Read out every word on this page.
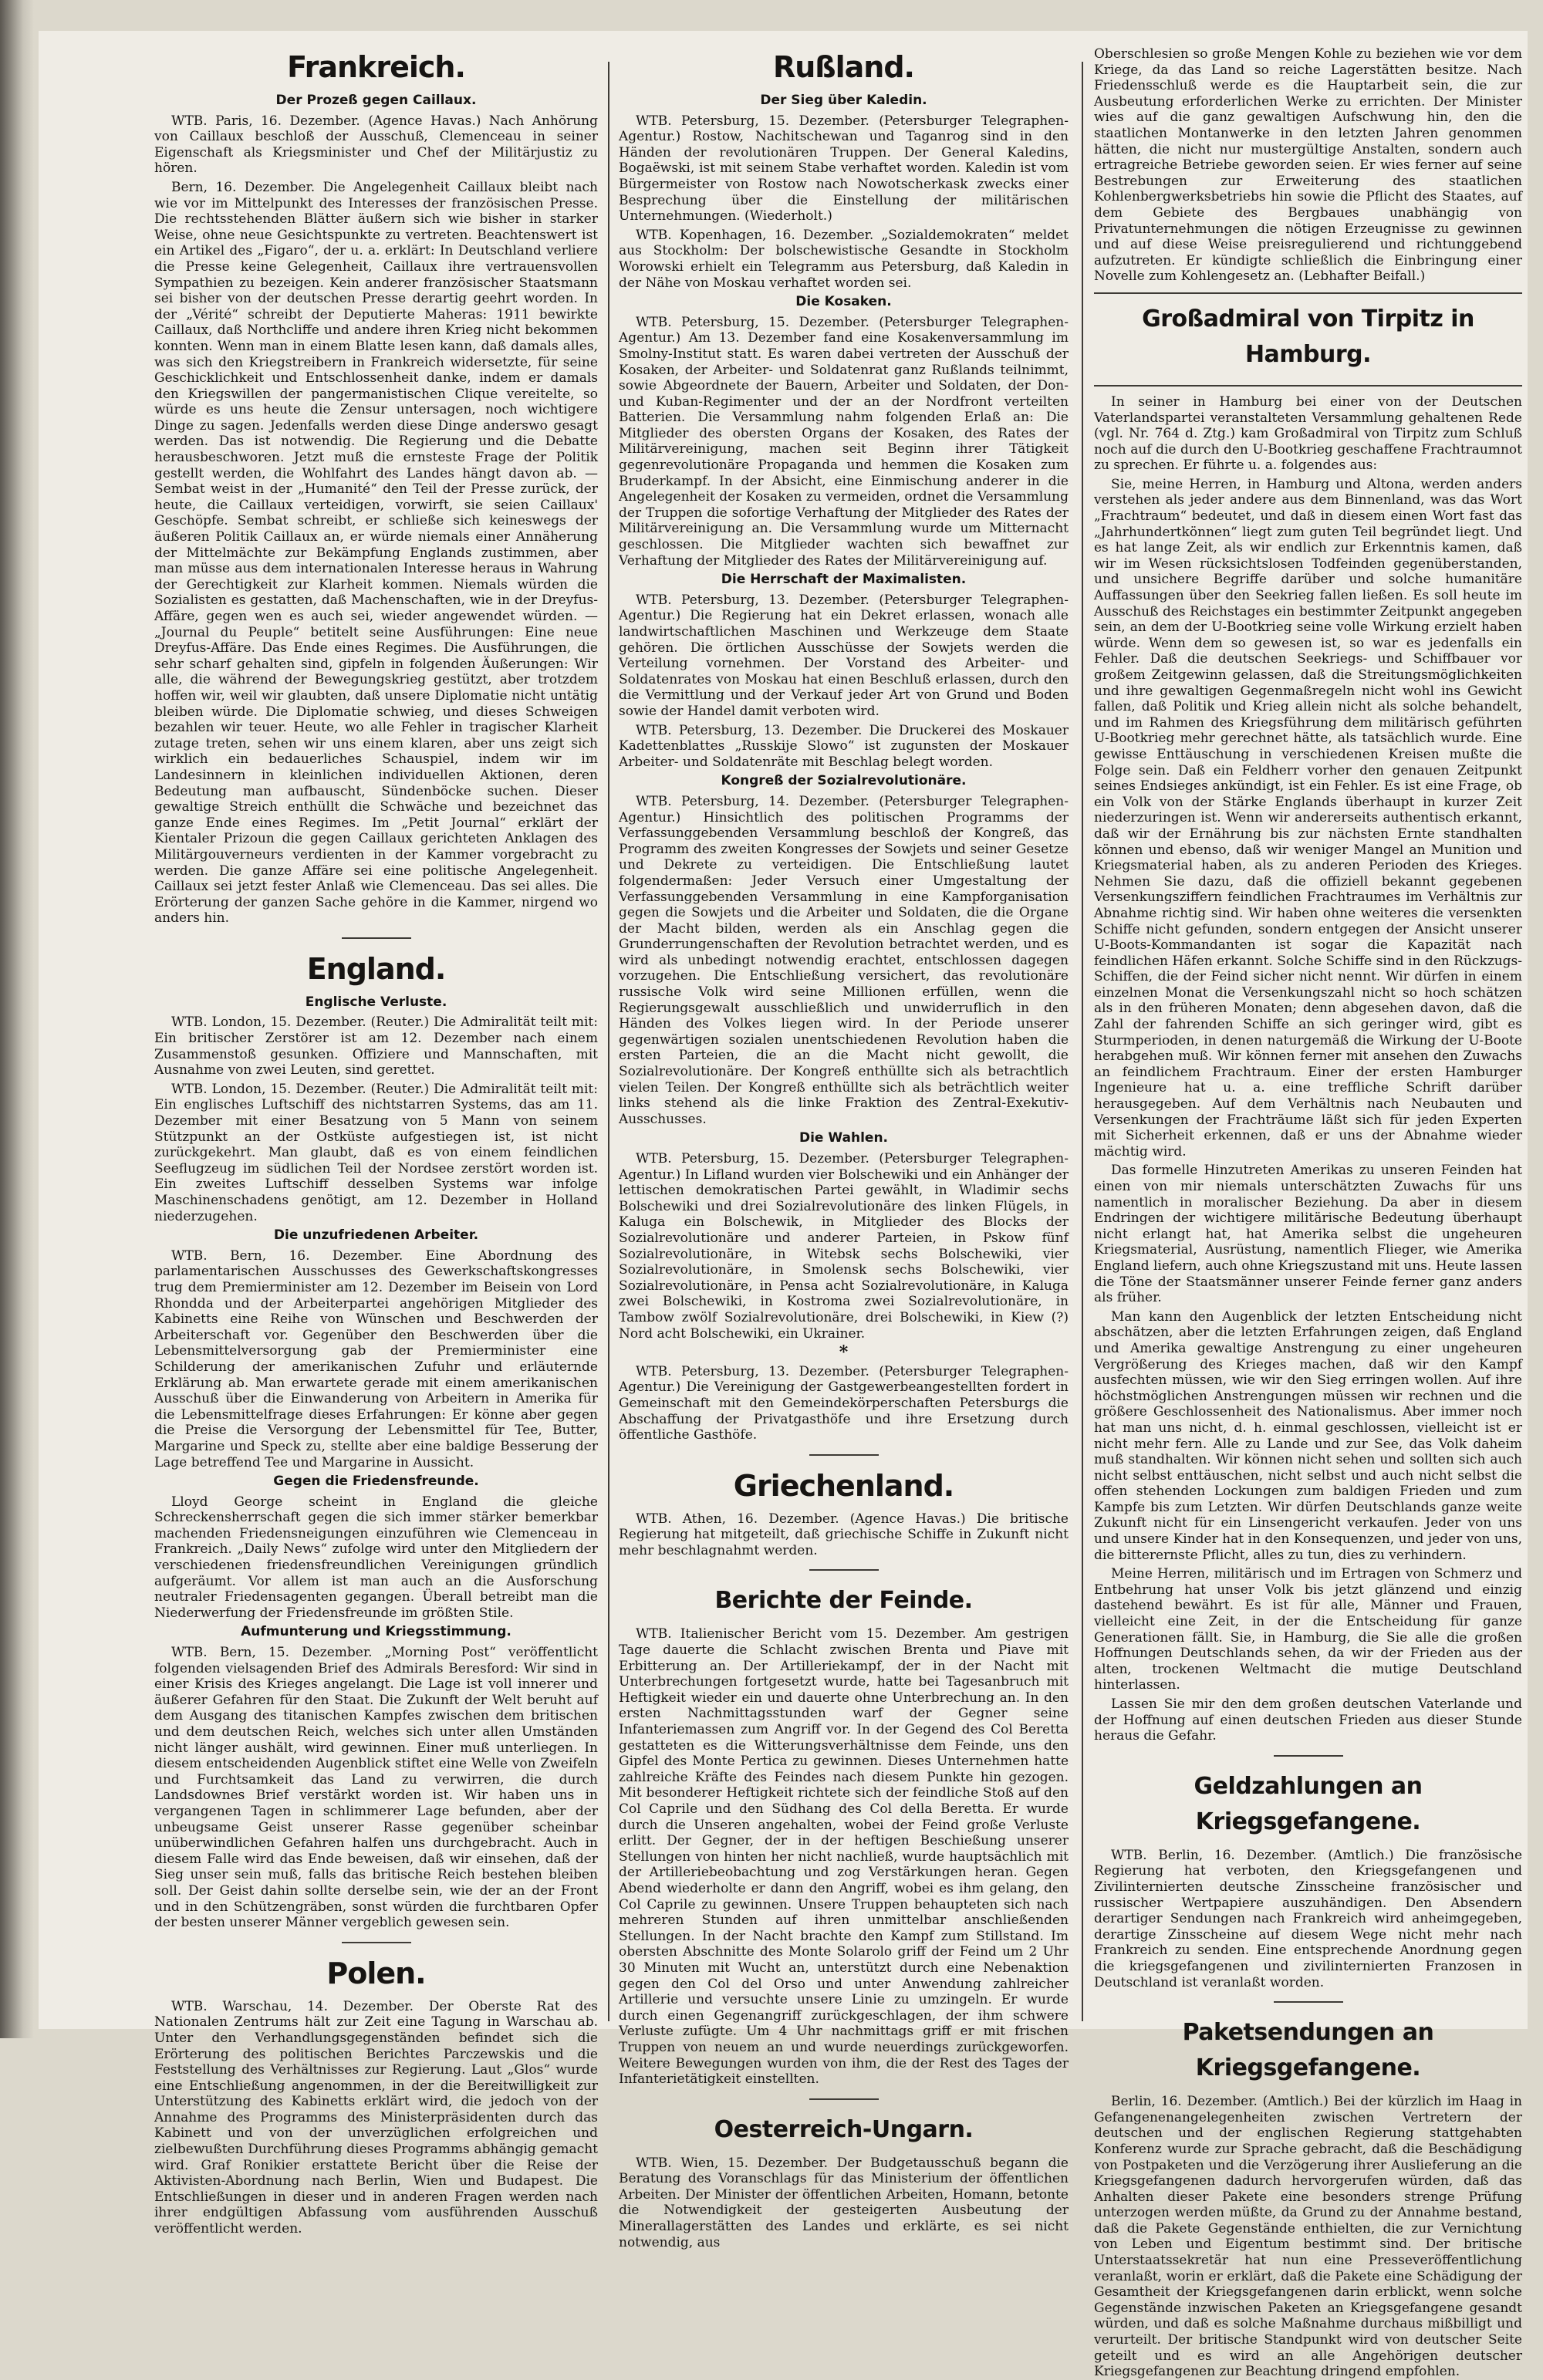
Frankreich.
Der Prozeß gegen Caillaux.

WTB. Paris, 16. Dezember. (Agence Havas.) Nach Anhörung von Caillaux beschloß der Ausschuß, Clemenceau in seiner Eigenschaft als Kriegsminister und Chef der Militärjustiz zu hören.

Bern, 16. Dezember. Die Angelegenheit Caillaux bleibt nach wie vor im Mittelpunkt des Interesses der französischen Presse. Die rechtsstehenden Blätter äußern sich wie bisher in starker Weise, ohne neue Gesichtspunkte zu vertreten. Beachtenswert ist ein Artikel des „Figaro“, der u. a. erklärt: In Deutschland verliere die Presse keine Gelegenheit, Caillaux ihre vertrauensvollen Sympathien zu bezeigen. Kein anderer französischer Staatsmann sei bisher von der deutschen Presse derartig geehrt worden. In der „Vérité“ schreibt der Deputierte Maheras: 1911 bewirkte Caillaux, daß Northcliffe und andere ihren Krieg nicht bekommen konnten. Wenn man in einem Blatte lesen kann, daß damals alles, was sich den Kriegstreibern in Frankreich widersetzte, für seine Geschicklichkeit und Entschlossenheit danke, indem er damals den Kriegswillen der pangermanistischen Clique vereitelte, so würde es uns heute die Zensur untersagen, noch wichtigere Dinge zu sagen. Jedenfalls werden diese Dinge anderswo gesagt werden. Das ist notwendig. Die Regierung und die Debatte herausbeschworen. Jetzt muß die ernsteste Frage der Politik gestellt werden, die Wohlfahrt des Landes hängt davon ab. — Sembat weist in der „Humanité“ den Teil der Presse zurück, der heute, die Caillaux verteidigen, vorwirft, sie seien Caillaux' Geschöpfe. Sembat schreibt, er schließe sich keineswegs der äußeren Politik Caillaux an, er würde niemals einer Annäherung der Mittelmächte zur Bekämpfung Englands zustimmen, aber man müsse aus dem internationalen Interesse heraus in Wahrung der Gerechtigkeit zur Klarheit kommen. Niemals würden die Sozialisten es gestatten, daß Machenschaften, wie in der Dreyfus-Affäre, gegen wen es auch sei, wieder angewendet würden. — „Journal du Peuple“ betitelt seine Ausführungen: Eine neue Dreyfus-Affäre. Das Ende eines Regimes. Die Ausführungen, die sehr scharf gehalten sind, gipfeln in folgenden Äußerungen: Wir alle, die während der Bewegungskrieg gestützt, aber trotzdem hoffen wir, weil wir glaubten, daß unsere Diplomatie nicht untätig bleiben würde. Die Diplomatie schwieg, und dieses Schweigen bezahlen wir teuer. Heute, wo alle Fehler in tragischer Klarheit zutage treten, sehen wir uns einem klaren, aber uns zeigt sich wirklich ein bedauerliches Schauspiel, indem wir im Landesinnern in kleinlichen individuellen Aktionen, deren Bedeutung man aufbauscht, Sündenböcke suchen. Dieser gewaltige Streich enthüllt die Schwäche und bezeichnet das ganze Ende eines Regimes. Im „Petit Journal“ erklärt der Kientaler Prizoun die gegen Caillaux gerichteten Anklagen des Militärgouverneurs verdienten in der Kammer vorgebracht zu werden. Die ganze Affäre sei eine politische Angelegenheit. Caillaux sei jetzt fester Anlaß wie Clemenceau. Das sei alles. Die Erörterung der ganzen Sache gehöre in die Kammer, nirgend wo anders hin.

England.
Englische Verluste.

WTB. London, 15. Dezember. (Reuter.) Die Admiralität teilt mit: Ein britischer Zerstörer ist am 12. Dezember nach einem Zusammenstoß gesunken. Offiziere und Mannschaften, mit Ausnahme von zwei Leuten, sind gerettet.

WTB. London, 15. Dezember. (Reuter.) Die Admiralität teilt mit: Ein englisches Luftschiff des nichtstarren Systems, das am 11. Dezember mit einer Besatzung von 5 Mann von seinem Stützpunkt an der Ostküste aufgestiegen ist, ist nicht zurückgekehrt. Man glaubt, daß es von einem feindlichen Seeflugzeug im südlichen Teil der Nordsee zerstört worden ist. Ein zweites Luftschiff desselben Systems war infolge Maschinenschadens genötigt, am 12. Dezember in Holland niederzugehen.

Die unzufriedenen Arbeiter.

WTB. Bern, 16. Dezember. Eine Abordnung des parlamentarischen Ausschusses des Gewerkschaftskongresses trug dem Premierminister am 12. Dezember im Beisein von Lord Rhondda und der Arbeiterpartei angehörigen Mitglieder des Kabinetts eine Reihe von Wünschen und Beschwerden der Arbeiterschaft vor. Gegenüber den Beschwerden über die Lebensmittelversorgung gab der Premierminister eine Schilderung der amerikanischen Zufuhr und erläuternde Erklärung ab. Man erwartete gerade mit einem amerikanischen Ausschuß über die Einwanderung von Arbeitern in Amerika für die Lebensmittelfrage dieses Erfahrungen: Er könne aber gegen die Preise die Versorgung der Lebensmittel für Tee, Butter, Margarine und Speck zu, stellte aber eine baldige Besserung der Lage betreffend Tee und Margarine in Aussicht.

Gegen die Friedensfreunde.

Lloyd George scheint in England die gleiche Schreckensherrschaft gegen die sich immer stärker bemerkbar machenden Friedensneigungen einzuführen wie Clemenceau in Frankreich. „Daily News“ zufolge wird unter den Mitgliedern der verschiedenen friedensfreundlichen Vereinigungen gründlich aufgeräumt. Vor allem ist man auch an die Ausforschung neutraler Friedensagenten gegangen. Überall betreibt man die Niederwerfung der Friedensfreunde im größten Stile.

Aufmunterung und Kriegsstimmung.

WTB. Bern, 15. Dezember. „Morning Post“ veröffentlicht folgenden vielsagenden Brief des Admirals Beresford: Wir sind in einer Krisis des Krieges angelangt. Die Lage ist voll innerer und äußerer Gefahren für den Staat. Die Zukunft der Welt beruht auf dem Ausgang des titanischen Kampfes zwischen dem britischen und dem deutschen Reich, welches sich unter allen Umständen nicht länger aushält, wird gewinnen. Einer muß unterliegen. In diesem entscheidenden Augenblick stiftet eine Welle von Zweifeln und Furchtsamkeit das Land zu verwirren, die durch Landsdownes Brief verstärkt worden ist. Wir haben uns in vergangenen Tagen in schlimmerer Lage befunden, aber der unbeugsame Geist unserer Rasse gegenüber scheinbar unüberwindlichen Gefahren halfen uns durchgebracht. Auch in diesem Falle wird das Ende beweisen, daß wir einsehen, daß der Sieg unser sein muß, falls das britische Reich bestehen bleiben soll. Der Geist dahin sollte derselbe sein, wie der an der Front und in den Schützengräben, sonst würden die furchtbaren Opfer der besten unserer Männer vergeblich gewesen sein.

Polen.

WTB. Warschau, 14. Dezember. Der Oberste Rat des Nationalen Zentrums hält zur Zeit eine Tagung in Warschau ab. Unter den Verhandlungsgegenständen befindet sich die Erörterung des politischen Berichtes Parczewskis und die Feststellung des Verhältnisses zur Regierung. Laut „Glos“ wurde eine Entschließung angenommen, in der die Bereitwilligkeit zur Unterstützung des Kabinetts erklärt wird, die jedoch von der Annahme des Programms des Ministerpräsidenten durch das Kabinett und von der unverzüglichen erfolgreichen und zielbewußten Durchführung dieses Programms abhängig gemacht wird. Graf Ronikier erstattete Bericht über die Reise der Aktivisten-Abordnung nach Berlin, Wien und Budapest. Die Entschließungen in dieser und in anderen Fragen werden nach ihrer endgültigen Abfassung vom ausführenden Ausschuß veröffentlicht werden.

Rußland.
Der Sieg über Kaledin.

WTB. Petersburg, 15. Dezember. (Petersburger Telegraphen-Agentur.) Rostow, Nachitschewan und Taganrog sind in den Händen der revolutionären Truppen. Der General Kaledins, Bogaëwski, ist mit seinem Stabe verhaftet worden. Kaledin ist vom Bürgermeister von Rostow nach Nowotscherkask zwecks einer Besprechung über die Einstellung der militärischen Unternehmungen. (Wiederholt.)

WTB. Kopenhagen, 16. Dezember. „Sozialdemokraten“ meldet aus Stockholm: Der bolschewistische Gesandte in Stockholm Worowski erhielt ein Telegramm aus Petersburg, daß Kaledin in der Nähe von Moskau verhaftet worden sei.

Die Kosaken.

WTB. Petersburg, 15. Dezember. (Petersburger Telegraphen-Agentur.) Am 13. Dezember fand eine Kosakenversammlung im Smolny-Institut statt. Es waren dabei vertreten der Ausschuß der Kosaken, der Arbeiter- und Soldatenrat ganz Rußlands teilnimmt, sowie Abgeordnete der Bauern, Arbeiter und Soldaten, der Don- und Kuban-Regimenter und der an der Nordfront verteilten Batterien. Die Versammlung nahm folgenden Erlaß an: Die Mitglieder des obersten Organs der Kosaken, des Rates der Militärvereinigung, machen seit Beginn ihrer Tätigkeit gegenrevolutionäre Propaganda und hemmen die Kosaken zum Bruderkampf. In der Absicht, eine Einmischung anderer in die Angelegenheit der Kosaken zu vermeiden, ordnet die Versammlung der Truppen die sofortige Verhaftung der Mitglieder des Rates der Militärvereinigung an. Die Versammlung wurde um Mitternacht geschlossen. Die Mitglieder wachten sich bewaffnet zur Verhaftung der Mitglieder des Rates der Militärvereinigung auf.

Die Herrschaft der Maximalisten.

WTB. Petersburg, 13. Dezember. (Petersburger Telegraphen-Agentur.) Die Regierung hat ein Dekret erlassen, wonach alle landwirtschaftlichen Maschinen und Werkzeuge dem Staate gehören. Die örtlichen Ausschüsse der Sowjets werden die Verteilung vornehmen. Der Vorstand des Arbeiter- und Soldatenrates von Moskau hat einen Beschluß erlassen, durch den die Vermittlung und der Verkauf jeder Art von Grund und Boden sowie der Handel damit verboten wird.

WTB. Petersburg, 13. Dezember. Die Druckerei des Moskauer Kadettenblattes „Russkije Slowo“ ist zugunsten der Moskauer Arbeiter- und Soldatenräte mit Beschlag belegt worden.

Kongreß der Sozialrevolutionäre.

WTB. Petersburg, 14. Dezember. (Petersburger Telegraphen-Agentur.) Hinsichtlich des politischen Programms der Verfassunggebenden Versammlung beschloß der Kongreß, das Programm des zweiten Kongresses der Sowjets und seiner Gesetze und Dekrete zu verteidigen. Die Entschließung lautet folgendermaßen: Jeder Versuch einer Umgestaltung der Verfassunggebenden Versammlung in eine Kampforganisation gegen die Sowjets und die Arbeiter und Soldaten, die die Organe der Macht bilden, werden als ein Anschlag gegen die Grunderrungenschaften der Revolution betrachtet werden, und es wird als unbedingt notwendig erachtet, entschlossen dagegen vorzugehen. Die Entschließung versichert, das revolutionäre russische Volk wird seine Millionen erfüllen, wenn die Regierungsgewalt ausschließlich und unwiderruflich in den Händen des Volkes liegen wird. In der Periode unserer gegenwärtigen sozialen unentschiedenen Revolution haben die ersten Parteien, die an die Macht nicht gewollt, die Sozialrevolutionäre. Der Kongreß enthüllte sich als betrachtlich vielen Teilen. Der Kongreß enthüllte sich als beträchtlich weiter links stehend als die linke Fraktion des Zentral-Exekutiv-Ausschusses.

Die Wahlen.

WTB. Petersburg, 15. Dezember. (Petersburger Telegraphen-Agentur.) In Lifland wurden vier Bolschewiki und ein Anhänger der lettischen demokratischen Partei gewählt, in Wladimir sechs Bolschewiki und drei Sozialrevolutionäre des linken Flügels, in Kaluga ein Bolschewik, in Mitglieder des Blocks der Sozialrevolutionäre und anderer Parteien, in Pskow fünf Sozialrevolutionäre, in Witebsk sechs Bolschewiki, vier Sozialrevolutionäre, in Smolensk sechs Bolschewiki, vier Sozialrevolutionäre, in Pensa acht Sozialrevolutionäre, in Kaluga zwei Bolschewiki, in Kostroma zwei Sozialrevolutionäre, in Tambow zwölf Sozialrevolutionäre, drei Bolschewiki, in Kiew (?) Nord acht Bolschewiki, ein Ukrainer.

*

WTB. Petersburg, 13. Dezember. (Petersburger Telegraphen-Agentur.) Die Vereinigung der Gastgewerbeangestellten fordert in Gemeinschaft mit den Gemeindekörperschaften Petersburgs die Abschaffung der Privatgasthöfe und ihre Ersetzung durch öffentliche Gasthöfe.

Griechenland.

WTB. Athen, 16. Dezember. (Agence Havas.) Die britische Regierung hat mitgeteilt, daß griechische Schiffe in Zukunft nicht mehr beschlagnahmt werden.

Berichte der Feinde.

WTB. Italienischer Bericht vom 15. Dezember. Am gestrigen Tage dauerte die Schlacht zwischen Brenta und Piave mit Erbitterung an. Der Artilleriekampf, der in der Nacht mit Unterbrechungen fortgesetzt wurde, hatte bei Tagesanbruch mit Heftigkeit wieder ein und dauerte ohne Unterbrechung an. In den ersten Nachmittagsstunden warf der Gegner seine Infanteriemassen zum Angriff vor. In der Gegend des Col Beretta gestatteten es die Witterungsverhältnisse dem Feinde, uns den Gipfel des Monte Pertica zu gewinnen. Dieses Unternehmen hatte zahlreiche Kräfte des Feindes nach diesem Punkte hin gezogen. Mit besonderer Heftigkeit richtete sich der feindliche Stoß auf den Col Caprile und den Südhang des Col della Beretta. Er wurde durch die Unseren angehalten, wobei der Feind große Verluste erlitt. Der Gegner, der in der heftigen Beschießung unserer Stellungen von hinten her nicht nachließ, wurde hauptsächlich mit der Artilleriebeobachtung und zog Verstärkungen heran. Gegen Abend wiederholte er dann den Angriff, wobei es ihm gelang, den Col Caprile zu gewinnen. Unsere Truppen behaupteten sich nach mehreren Stunden auf ihren unmittelbar anschließenden Stellungen. In der Nacht brachte den Kampf zum Stillstand. Im obersten Abschnitte des Monte Solarolo griff der Feind um 2 Uhr 30 Minuten mit Wucht an, unterstützt durch eine Nebenaktion gegen den Col del Orso und unter Anwendung zahlreicher Artillerie und versuchte unsere Linie zu umzingeln. Er wurde durch einen Gegenangriff zurückgeschlagen, der ihm schwere Verluste zufügte. Um 4 Uhr nachmittags griff er mit frischen Truppen von neuem an und wurde neuerdings zurückgeworfen. Weitere Bewegungen wurden von ihm, die der Rest des Tages der Infanterietätigkeit einstellten.

Oesterreich-Ungarn.

WTB. Wien, 15. Dezember. Der Budgetausschuß begann die Beratung des Voranschlags für das Ministerium der öffentlichen Arbeiten. Der Minister der öffentlichen Arbeiten, Homann, betonte die Notwendigkeit der gesteigerten Ausbeutung der Minerallagerstätten des Landes und erklärte, es sei nicht notwendig, aus

Oberschlesien so große Mengen Kohle zu beziehen wie vor dem Kriege, da das Land so reiche Lagerstätten besitze. Nach Friedensschluß werde es die Hauptarbeit sein, die zur Ausbeutung erforderlichen Werke zu errichten. Der Minister wies auf die ganz gewaltigen Aufschwung hin, den die staatlichen Montanwerke in den letzten Jahren genommen hätten, die nicht nur mustergültige Anstalten, sondern auch ertragreiche Betriebe geworden seien. Er wies ferner auf seine Bestrebungen zur Erweiterung des staatlichen Kohlenbergwerksbetriebs hin sowie die Pflicht des Staates, auf dem Gebiete des Bergbaues unabhängig von Privatunternehmungen die nötigen Erzeugnisse zu gewinnen und auf diese Weise preisregulierend und richtunggebend aufzutreten. Er kündigte schließlich die Einbringung einer Novelle zum Kohlengesetz an. (Lebhafter Beifall.)

Großadmiral von Tirpitz in Hamburg.

In seiner in Hamburg bei einer von der Deutschen Vaterlandspartei veranstalteten Versammlung gehaltenen Rede (vgl. Nr. 764 d. Ztg.) kam Großadmiral von Tirpitz zum Schluß noch auf die durch den U-Bootkrieg geschaffene Frachtraumnot zu sprechen. Er führte u. a. folgendes aus:

Sie, meine Herren, in Hamburg und Altona, werden anders verstehen als jeder andere aus dem Binnenland, was das Wort „Frachtraum“ bedeutet, und daß in diesem einen Wort fast das „Jahrhundertkönnen“ liegt zum guten Teil begründet liegt. Und es hat lange Zeit, als wir endlich zur Erkenntnis kamen, daß wir im Wesen rücksichtslosen Todfeinden gegenüberstanden, und unsichere Begriffe darüber und solche humanitäre Auffassungen über den Seekrieg fallen ließen. Es soll heute im Ausschuß des Reichstages ein bestimmter Zeitpunkt angegeben sein, an dem der U-Bootkrieg seine volle Wirkung erzielt haben würde. Wenn dem so gewesen ist, so war es jedenfalls ein Fehler. Daß die deutschen Seekriegs- und Schiffbauer vor großem Zeitgewinn gelassen, daß die Streitungsmöglichkeiten und ihre gewaltigen Gegenmaßregeln nicht wohl ins Gewicht fallen, daß Politik und Krieg allein nicht als solche behandelt, und im Rahmen des Kriegsführung dem militärisch geführten U-Bootkrieg mehr gerechnet hätte, als tatsächlich wurde. Eine gewisse Enttäuschung in verschiedenen Kreisen mußte die Folge sein. Daß ein Feldherr vorher den genauen Zeitpunkt seines Endsieges ankündigt, ist ein Fehler. Es ist eine Frage, ob ein Volk von der Stärke Englands überhaupt in kurzer Zeit niederzuringen ist. Wenn wir andererseits authentisch erkannt, daß wir der Ernährung bis zur nächsten Ernte standhalten können und ebenso, daß wir weniger Mangel an Munition und Kriegsmaterial haben, als zu anderen Perioden des Krieges. Nehmen Sie dazu, daß die offiziell bekannt gegebenen Versenkungsziffern feindlichen Frachtraumes im Verhältnis zur Abnahme richtig sind. Wir haben ohne weiteres die versenkten Schiffe nicht gefunden, sondern entgegen der Ansicht unserer U-Boots-Kommandanten ist sogar die Kapazität nach feindlichen Häfen erkannt. Solche Schiffe sind in den Rückzugs-Schiffen, die der Feind sicher nicht nennt. Wir dürfen in einem einzelnen Monat die Versenkungszahl nicht so hoch schätzen als in den früheren Monaten; denn abgesehen davon, daß die Zahl der fahrenden Schiffe an sich geringer wird, gibt es Sturmperioden, in denen naturgemäß die Wirkung der U-Boote herabgehen muß. Wir können ferner mit ansehen den Zuwachs an feindlichem Frachtraum. Einer der ersten Hamburger Ingenieure hat u. a. eine treffliche Schrift darüber herausgegeben. Auf dem Verhältnis nach Neubauten und Versenkungen der Frachträume läßt sich für jeden Experten mit Sicherheit erkennen, daß er uns der Abnahme wieder mächtig wird.

Das formelle Hinzutreten Amerikas zu unseren Feinden hat einen von mir niemals unterschätzten Zuwachs für uns namentlich in moralischer Beziehung. Da aber in diesem Endringen der wichtigere militärische Bedeutung überhaupt nicht erlangt hat, hat Amerika selbst die ungeheuren Kriegsmaterial, Ausrüstung, namentlich Flieger, wie Amerika England liefern, auch ohne Kriegszustand mit uns. Heute lassen die Töne der Staatsmänner unserer Feinde ferner ganz anders als früher.

Man kann den Augenblick der letzten Entscheidung nicht abschätzen, aber die letzten Erfahrungen zeigen, daß England und Amerika gewaltige Anstrengung zu einer ungeheuren Vergrößerung des Krieges machen, daß wir den Kampf ausfechten müssen, wie wir den Sieg erringen wollen. Auf ihre höchstmöglichen Anstrengungen müssen wir rechnen und die größere Geschlossenheit des Nationalismus. Aber immer noch hat man uns nicht, d. h. einmal geschlossen, vielleicht ist er nicht mehr fern. Alle zu Lande und zur See, das Volk daheim muß standhalten. Wir können nicht sehen und sollten sich auch nicht selbst enttäuschen, nicht selbst und auch nicht selbst die offen stehenden Lockungen zum baldigen Frieden und zum Kampfe bis zum Letzten. Wir dürfen Deutschlands ganze weite Zukunft nicht für ein Linsengericht verkaufen. Jeder von uns und unsere Kinder hat in den Konsequenzen, und jeder von uns, die bitterernste Pflicht, alles zu tun, dies zu verhindern.

Meine Herren, militärisch und im Ertragen von Schmerz und Entbehrung hat unser Volk bis jetzt glänzend und einzig dastehend bewährt. Es ist für alle, Männer und Frauen, vielleicht eine Zeit, in der die Entscheidung für ganze Generationen fällt. Sie, in Hamburg, die Sie alle die großen Hoffnungen Deutschlands sehen, da wir der Frieden aus der alten, trockenen Weltmacht die mutige Deutschland hinterlassen.

Lassen Sie mir den dem großen deutschen Vaterlande und der Hoffnung auf einen deutschen Frieden aus dieser Stunde heraus die Gefahr.

Geldzahlungen an Kriegsgefangene.

WTB. Berlin, 16. Dezember. (Amtlich.) Die französische Regierung hat verboten, den Kriegsgefangenen und Zivilinternierten deutsche Zinsscheine französischer und russischer Wertpapiere auszuhändigen. Den Absendern derartiger Sendungen nach Frankreich wird anheimgegeben, derartige Zinsscheine auf diesem Wege nicht mehr nach Frankreich zu senden. Eine entsprechende Anordnung gegen die kriegsgefangenen und zivilinternierten Franzosen in Deutschland ist veranlaßt worden.

Paketsendungen an Kriegsgefangene.

Berlin, 16. Dezember. (Amtlich.) Bei der kürzlich im Haag in Gefangenenangelegenheiten zwischen Vertretern der deutschen und der englischen Regierung stattgehabten Konferenz wurde zur Sprache gebracht, daß die Beschädigung von Postpaketen und die Verzögerung ihrer Auslieferung an die Kriegsgefangenen dadurch hervorgerufen würden, daß das Anhalten dieser Pakete eine besonders strenge Prüfung unterzogen werden müßte, da Grund zu der Annahme bestand, daß die Pakete Gegenstände enthielten, die zur Vernichtung von Leben und Eigentum bestimmt sind. Der britische Unterstaatssekretär hat nun eine Presseveröffentlichung veranlaßt, worin er erklärt, daß die Pakete eine Schädigung der Gesamtheit der Kriegsgefangenen darin erblickt, wenn solche Gegenstände inzwischen Paketen an Kriegsgefangene gesandt würden, und daß es solche Maßnahme durchaus mißbilligt und verurteilt. Der britische Standpunkt wird von deutscher Seite geteilt und es wird an alle Angehörigen deutscher Kriegsgefangenen zur Beachtung dringend empfohlen.
